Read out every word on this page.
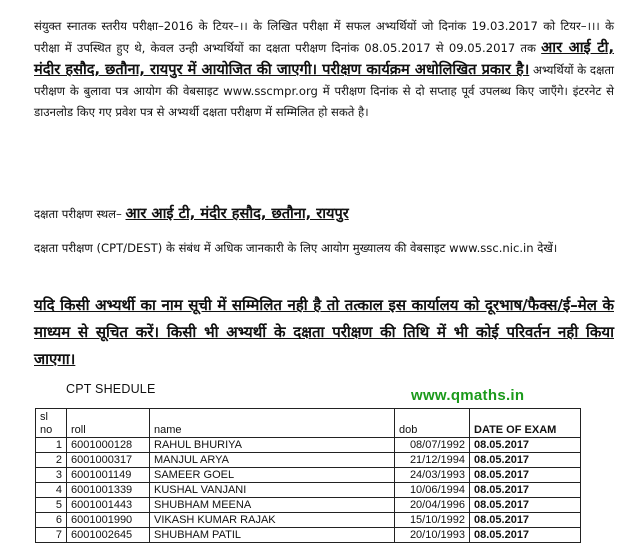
संयुक्त स्नातक स्तरीय परीक्षा–2016 के टियर–।। के लिखित परीक्षा में सफल अभ्यर्थियों जो दिनांक 19.03.2017 को टियर–।।। के परीक्षा में उपस्थित हुए थे, केवल उन्ही अभ्यर्थियों का दक्षता परीक्षण दिनांक 08.05.2017 से 09.05.2017 तक आर आई टी, मंदीर हसौद, छतौना, रायपुर में आयोजित की जाएगी। परीक्षण कार्यक्रम अधोलिखित प्रकार है। अभ्यर्थियों के दक्षता परीक्षण के बुलावा पत्र आयोग की वेबसाइट www.sscmpr.org में परीक्षण दिनांक से दो सप्ताह पूर्व उपलब्ध किए जाएँगे। इंटरनेट से डाउनलोड किए गए प्रवेश पत्र से अभ्यर्थी दक्षता परीक्षण में सम्मिलित हो सकते है।

दक्षता परीक्षण स्थल– आर आई टी, मंदीर हसौद, छतौना, रायपुर

दक्षता परीक्षण (CPT/DEST) के संबंध में अधिक जानकारी के लिए आयोग मुख्यालय की वेबसाइट www.ssc.nic.in देखें।

यदि किसी अभ्यर्थी का नाम सूची में सम्मिलित नही है तो तत्काल इस कार्यालय को दूरभाष/फैक्स/ई–मेल के माध्यम से सूचित करें। किसी भी अभ्यर्थी के दक्षता परीक्षण की तिथि में भी कोई परिवर्तन नही किया जाएगा।

CPT SHEDULE	www.qmaths.in
sl
no	roll	name	dob	DATE OF EXAM
1	6001000128	RAHUL BHURIYA	08/07/1992	08.05.2017
2	6001000317	MANJUL ARYA	21/12/1994	08.05.2017
3	6001001149	SAMEER GOEL	24/03/1993	08.05.2017
4	6001001339	KUSHAL VANJANI	10/06/1994	08.05.2017
5	6001001443	SHUBHAM MEENA	20/04/1996	08.05.2017
6	6001001990	VIKASH KUMAR RAJAK	15/10/1992	08.05.2017
7	6001002645	SHUBHAM PATIL	20/10/1993	08.05.2017
